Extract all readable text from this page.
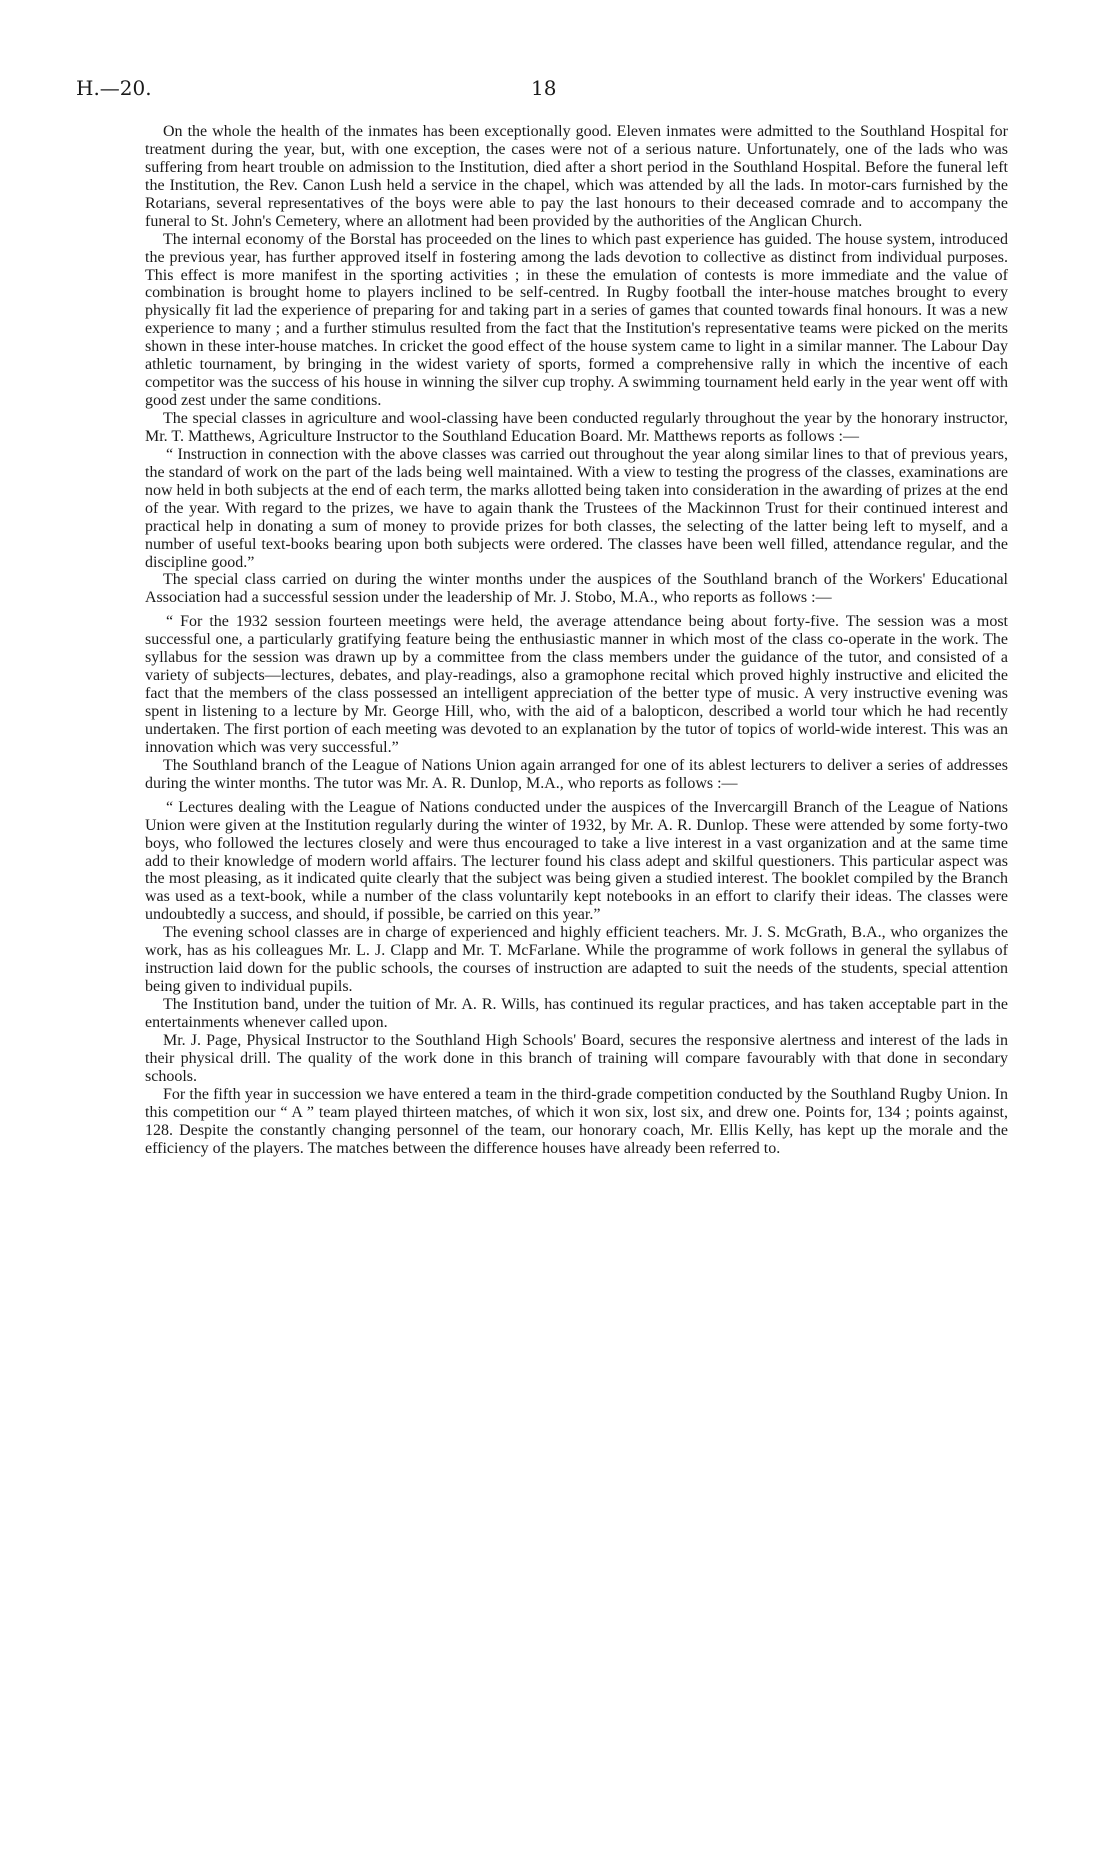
H.—20.	18

On the whole the health of the inmates has been exceptionally good. Eleven inmates were admitted to the Southland Hospital for treatment during the year, but, with one exception, the cases were not of a serious nature. Unfortunately, one of the lads who was suffering from heart trouble on admission to the Institution, died after a short period in the Southland Hospital. Before the funeral left the Institution, the Rev. Canon Lush held a service in the chapel, which was attended by all the lads. In motor-cars furnished by the Rotarians, several representatives of the boys were able to pay the last honours to their deceased comrade and to accompany the funeral to St. John's Cemetery, where an allotment had been provided by the authorities of the Anglican Church.

The internal economy of the Borstal has proceeded on the lines to which past experience has guided. The house system, introduced the previous year, has further approved itself in fostering among the lads devotion to collective as distinct from individual purposes. This effect is more manifest in the sporting activities ; in these the emulation of contests is more immediate and the value of combination is brought home to players inclined to be self-centred. In Rugby football the inter-house matches brought to every physically fit lad the experience of preparing for and taking part in a series of games that counted towards final honours. It was a new experience to many ; and a further stimulus resulted from the fact that the Institution's representative teams were picked on the merits shown in these inter-house matches. In cricket the good effect of the house system came to light in a similar manner. The Labour Day athletic tournament, by bringing in the widest variety of sports, formed a comprehensive rally in which the incentive of each competitor was the success of his house in winning the silver cup trophy. A swimming tournament held early in the year went off with good zest under the same conditions.

The special classes in agriculture and wool-classing have been conducted regularly throughout the year by the honorary instructor, Mr. T. Matthews, Agriculture Instructor to the Southland Education Board. Mr. Matthews reports as follows :—

“ Instruction in connection with the above classes was carried out throughout the year along similar lines to that of previous years, the standard of work on the part of the lads being well maintained. With a view to testing the progress of the classes, examinations are now held in both subjects at the end of each term, the marks allotted being taken into consideration in the awarding of prizes at the end of the year. With regard to the prizes, we have to again thank the Trustees of the Mackinnon Trust for their continued interest and practical help in donating a sum of money to provide prizes for both classes, the selecting of the latter being left to myself, and a number of useful text-books bearing upon both subjects were ordered. The classes have been well filled, attendance regular, and the discipline good.”

The special class carried on during the winter months under the auspices of the Southland branch of the Workers' Educational Association had a successful session under the leadership of Mr. J. Stobo, M.A., who reports as follows :—

“ For the 1932 session fourteen meetings were held, the average attendance being about forty-five. The session was a most successful one, a particularly gratifying feature being the enthusiastic manner in which most of the class co-operate in the work. The syllabus for the session was drawn up by a committee from the class members under the guidance of the tutor, and consisted of a variety of subjects—lectures, debates, and play-readings, also a gramophone recital which proved highly instructive and elicited the fact that the members of the class possessed an intelligent appreciation of the better type of music. A very instructive evening was spent in listening to a lecture by Mr. George Hill, who, with the aid of a balopticon, described a world tour which he had recently undertaken. The first portion of each meeting was devoted to an explanation by the tutor of topics of world-wide interest. This was an innovation which was very successful.”

The Southland branch of the League of Nations Union again arranged for one of its ablest lecturers to deliver a series of addresses during the winter months. The tutor was Mr. A. R. Dunlop, M.A., who reports as follows :—

“ Lectures dealing with the League of Nations conducted under the auspices of the Invercargill Branch of the League of Nations Union were given at the Institution regularly during the winter of 1932, by Mr. A. R. Dunlop. These were attended by some forty-two boys, who followed the lectures closely and were thus encouraged to take a live interest in a vast organization and at the same time add to their knowledge of modern world affairs. The lecturer found his class adept and skilful questioners. This particular aspect was the most pleasing, as it indicated quite clearly that the subject was being given a studied interest. The booklet compiled by the Branch was used as a text-book, while a number of the class voluntarily kept notebooks in an effort to clarify their ideas. The classes were undoubtedly a success, and should, if possible, be carried on this year.”

The evening school classes are in charge of experienced and highly efficient teachers. Mr. J. S. McGrath, B.A., who organizes the work, has as his colleagues Mr. L. J. Clapp and Mr. T. McFarlane. While the programme of work follows in general the syllabus of instruction laid down for the public schools, the courses of instruction are adapted to suit the needs of the students, special attention being given to individual pupils.

The Institution band, under the tuition of Mr. A. R. Wills, has continued its regular practices, and has taken acceptable part in the entertainments whenever called upon.

Mr. J. Page, Physical Instructor to the Southland High Schools' Board, secures the responsive alertness and interest of the lads in their physical drill. The quality of the work done in this branch of training will compare favourably with that done in secondary schools.

For the fifth year in succession we have entered a team in the third-grade competition conducted by the Southland Rugby Union. In this competition our “ A ” team played thirteen matches, of which it won six, lost six, and drew one. Points for, 134 ; points against, 128. Despite the constantly changing personnel of the team, our honorary coach, Mr. Ellis Kelly, has kept up the morale and the efficiency of the players. The matches between the difference houses have already been referred to.
